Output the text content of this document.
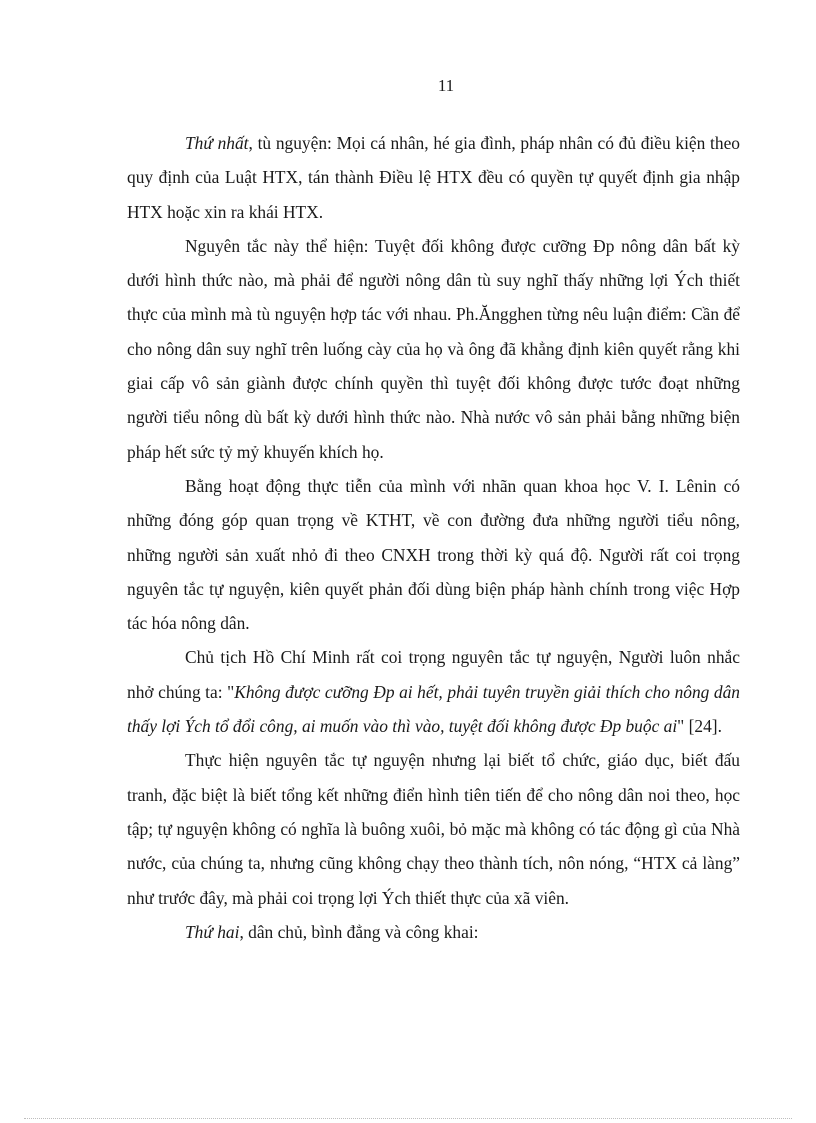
11

Thứ nhất, tù nguyện: Mọi cá nhân, hé gia đình, pháp nhân có đủ điều kiện theo quy định của Luật HTX, tán thành Điều lệ HTX đều có quyền tự quyết định gia nhập HTX hoặc xin ra khái HTX.

Nguyên tắc này thể hiện: Tuyệt đối không được cưỡng Ðp nông dân bất kỳ dưới hình thức nào, mà phải để người nông dân tù suy nghĩ thấy những lợi Ých thiết thực của mình mà tù nguyện hợp tác với nhau. Ph.Ăngghen từng nêu luận điểm: Cần để cho nông dân suy nghĩ trên luống cày của họ và ông đã khẳng định kiên quyết rằng khi giai cấp vô sản giành được chính quyền thì tuyệt đối không được tước đoạt những người tiểu nông dù bất kỳ dưới hình thức nào. Nhà nước vô sản phải bằng những biện pháp hết sức tỷ mỷ khuyến khích họ.

Bằng hoạt động thực tiễn của mình với nhãn quan khoa học V. I. Lênin có những đóng góp quan trọng về KTHT, về con đường đưa những người tiểu nông, những người sản xuất nhỏ đi theo CNXH trong thời kỳ quá độ. Người rất coi trọng nguyên tắc tự nguyện, kiên quyết phản đối dùng biện pháp hành chính trong việc Hợp tác hóa nông dân.

Chủ tịch Hồ Chí Minh rất coi trọng nguyên tắc tự nguyện, Người luôn nhắc nhở chúng ta: "Không được cưỡng Ðp ai hết, phải tuyên truyền giải thích cho nông dân thấy lợi Ých tổ đổi công, ai muốn vào thì vào, tuyệt đối không được Ðp buộc ai" [24].

Thực hiện nguyên tắc tự nguyện nhưng lại biết tổ chức, giáo dục, biết đấu tranh, đặc biệt là biết tổng kết những điển hình tiên tiến để cho nông dân noi theo, học tập; tự nguyện không có nghĩa là buông xuôi, bỏ mặc mà không có tác động gì của Nhà nước, của chúng ta, nhưng cũng không chạy theo thành tích, nôn nóng, “HTX cả làng” như trước đây, mà phải coi trọng lợi Ých thiết thực của xã viên.

Thứ hai, dân chủ, bình đẳng và công khai:
